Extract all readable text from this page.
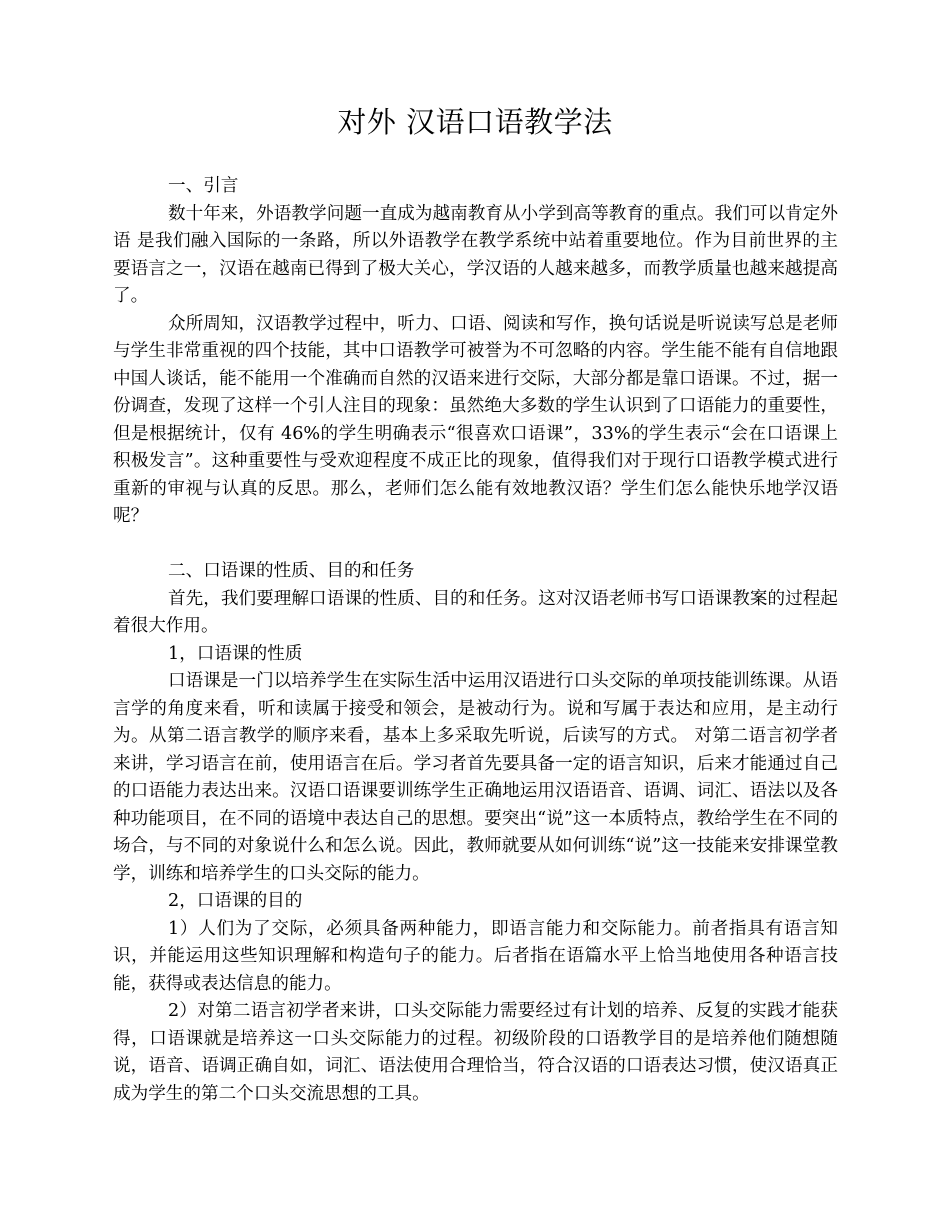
对外 汉语口语教学法

一、引言

数十年来，外语教学问题一直成为越南教育从小学到高等教育的重点。我们可以肯定外语 是我们融入国际的一条路，所以外语教学在教学系统中站着重要地位。作为目前世界的主要语言之一，汉语在越南已得到了极大关心，学汉语的人越来越多，而教学质量也越来越提高了。

众所周知，汉语教学过程中，听力、口语、阅读和写作，换句话说是听说读写总是老师与学生非常重视的四个技能，其中口语教学可被誉为不可忽略的内容。学生能不能有自信地跟中国人谈话，能不能用一个准确而自然的汉语来进行交际，大部分都是靠口语课。不过，据一份调查，发现了这样一个引人注目的现象：虽然绝大多数的学生认识到了口语能力的重要性，但是根据统计，仅有 46%的学生明确表示“很喜欢口语课”，33%的学生表示“会在口语课上积极发言”。这种重要性与受欢迎程度不成正比的现象，值得我们对于现行口语教学模式进行重新的审视与认真的反思。那么，老师们怎么能有效地教汉语？学生们怎么能快乐地学汉语呢？

二、口语课的性质、目的和任务

首先，我们要理解口语课的性质、目的和任务。这对汉语老师书写口语课教案的过程起着很大作用。

1，口语课的性质

口语课是一门以培养学生在实际生活中运用汉语进行口头交际的单项技能训练课。从语言学的角度来看，听和读属于接受和领会，是被动行为。说和写属于表达和应用，是主动行为。从第二语言教学的顺序来看，基本上多采取先听说，后读写的方式。 对第二语言初学者来讲，学习语言在前，使用语言在后。学习者首先要具备一定的语言知识，后来才能通过自己的口语能力表达出来。汉语口语课要训练学生正确地运用汉语语音、语调、词汇、语法以及各种功能项目，在不同的语境中表达自己的思想。要突出“说”这一本质特点，教给学生在不同的场合，与不同的对象说什么和怎么说。因此，教师就要从如何训练“说”这一技能来安排课堂教学，训练和培养学生的口头交际的能力。

2，口语课的目的

1）人们为了交际，必须具备两种能力，即语言能力和交际能力。前者指具有语言知识，并能运用这些知识理解和构造句子的能力。后者指在语篇水平上恰当地使用各种语言技能，获得或表达信息的能力。

2）对第二语言初学者来讲，口头交际能力需要经过有计划的培养、反复的实践才能获得，口语课就是培养这一口头交际能力的过程。初级阶段的口语教学目的是培养他们随想随说，语音、语调正确自如，词汇、语法使用合理恰当，符合汉语的口语表达习惯，使汉语真正成为学生的第二个口头交流思想的工具。
